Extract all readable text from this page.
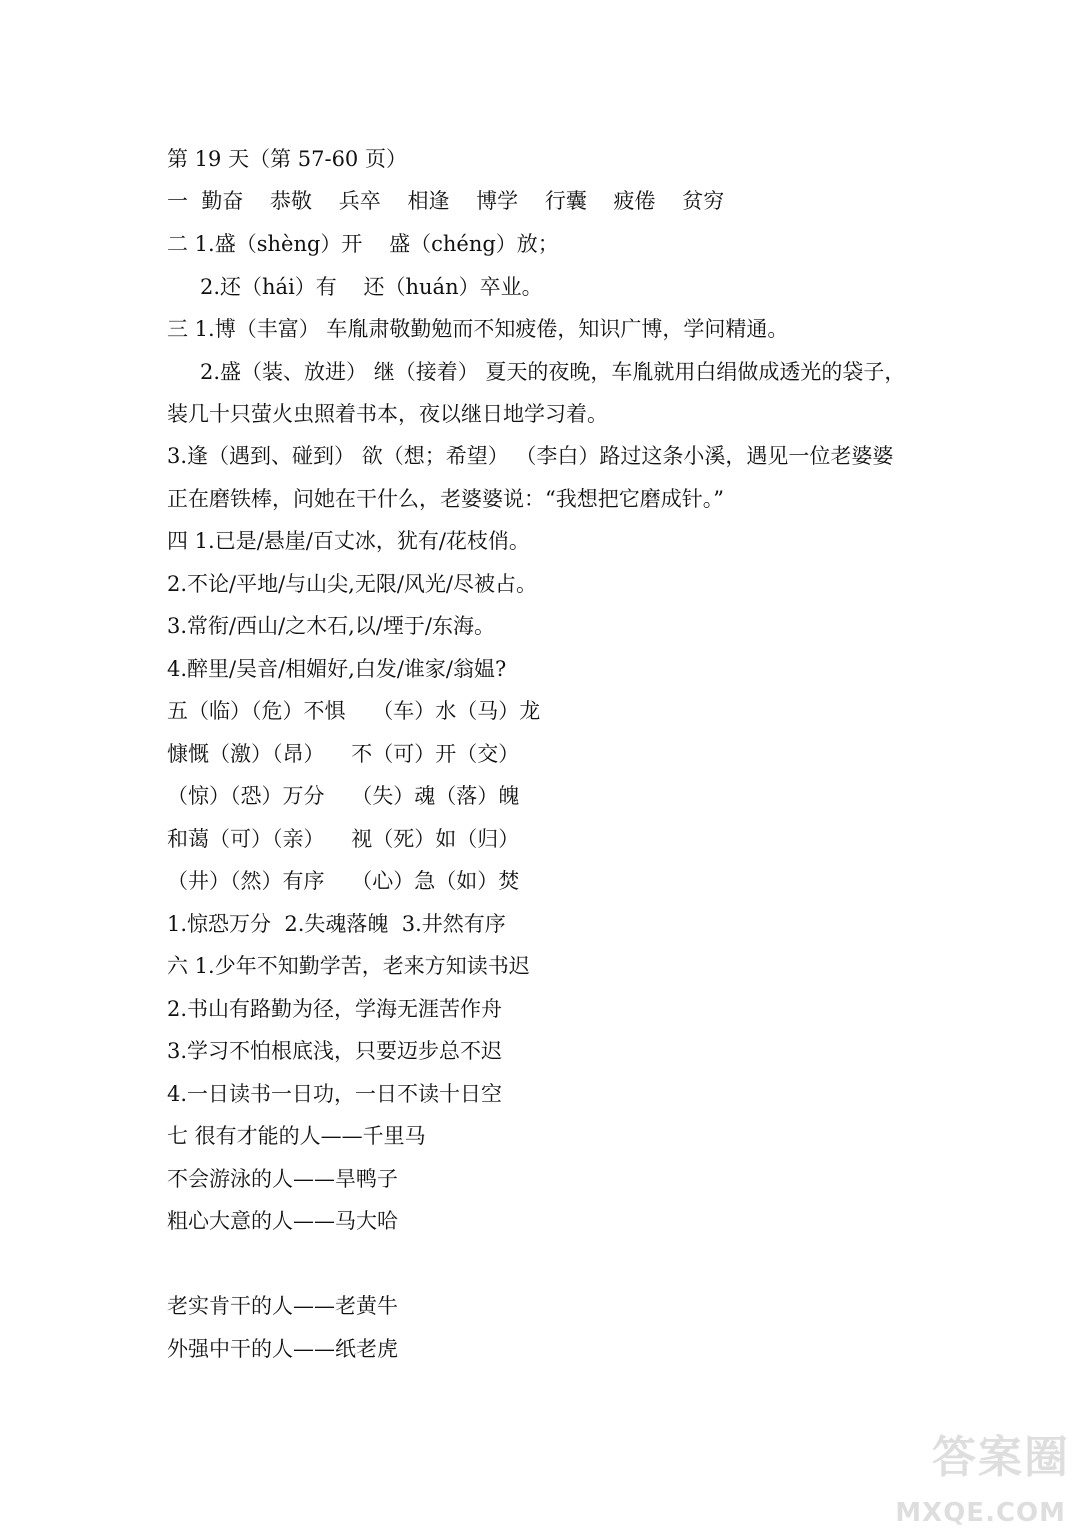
第 19 天（第 57-60 页）
一  勤奋    恭敬    兵卒    相逢    博学    行囊    疲倦    贫穷
二 1.盛（shèng）开    盛（chéng）放；
2.还（hái）有    还（huán）卒业。
三 1.博（丰富） 车胤肃敬勤勉而不知疲倦，知识广博，学问精通。
2.盛（装、放进） 继（接着） 夏天的夜晚，车胤就用白绢做成透光的袋子，
装几十只萤火虫照着书本，夜以继日地学习着。
3.逢（遇到、碰到） 欲（想；希望） （李白）路过这条小溪，遇见一位老婆婆
正在磨铁棒，问她在干什么，老婆婆说：“我想把它磨成针。”
四 1.已是/悬崖/百丈冰，犹有/花枝俏。
2.不论/平地/与山尖,无限/风光/尽被占。
3.常衔/西山/之木石,以/堙于/东海。
4.醉里/吴音/相媚好,白发/谁家/翁媪?
五（临）（危）不惧    （车）水（马）龙
慷慨（激）（昂）    不（可）开（交）
（惊）（恐）万分    （失）魂（落）魄
和蔼（可）（亲）    视（死）如（归）
（井）（然）有序    （心）急（如）焚
1.惊恐万分  2.失魂落魄  3.井然有序
六 1.少年不知勤学苦，老来方知读书迟
2.书山有路勤为径，学海无涯苦作舟
3.学习不怕根底浅，只要迈步总不迟
4.一日读书一日功，一日不读十日空
七 很有才能的人——千里马
不会游泳的人——旱鸭子
粗心大意的人——马大哈
老实肯干的人——老黄牛
外强中干的人——纸老虎
答案圈
MXQE.COM
